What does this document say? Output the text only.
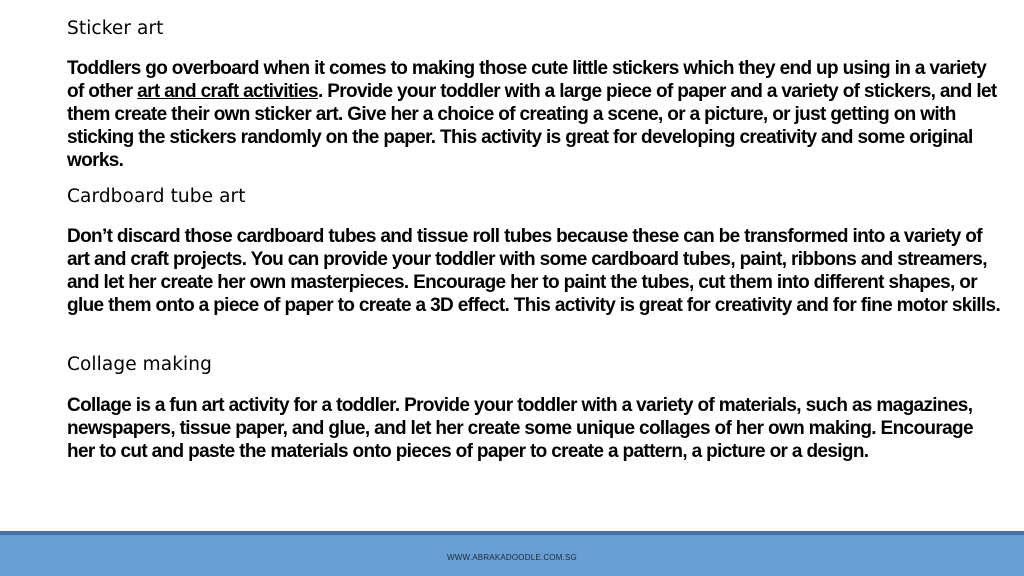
Sticker art

Toddlers go overboard when it comes to making those cute little stickers which they end up using in a variety of other art and craft activities. Provide your toddler with a large piece of paper and a variety of stickers, and let them create their own sticker art. Give her a choice of creating a scene, or a picture, or just getting on with sticking the stickers randomly on the paper. This activity is great for developing creativity and some original works.

Cardboard tube art

Don’t discard those cardboard tubes and tissue roll tubes because these can be transformed into a variety of art and craft projects. You can provide your toddler with some cardboard tubes, paint, ribbons and streamers, and let her create her own masterpieces. Encourage her to paint the tubes, cut them into different shapes, or glue them onto a piece of paper to create a 3D effect. This activity is great for creativity and for fine motor skills.

Collage making

Collage is a fun art activity for a toddler. Provide your toddler with a variety of materials, such as magazines, newspapers, tissue paper, and glue, and let her create some unique collages of her own making. Encourage her to cut and paste the materials onto pieces of paper to create a pattern, a picture or a design.

WWW.ABRAKADOODLE.COM.SG
